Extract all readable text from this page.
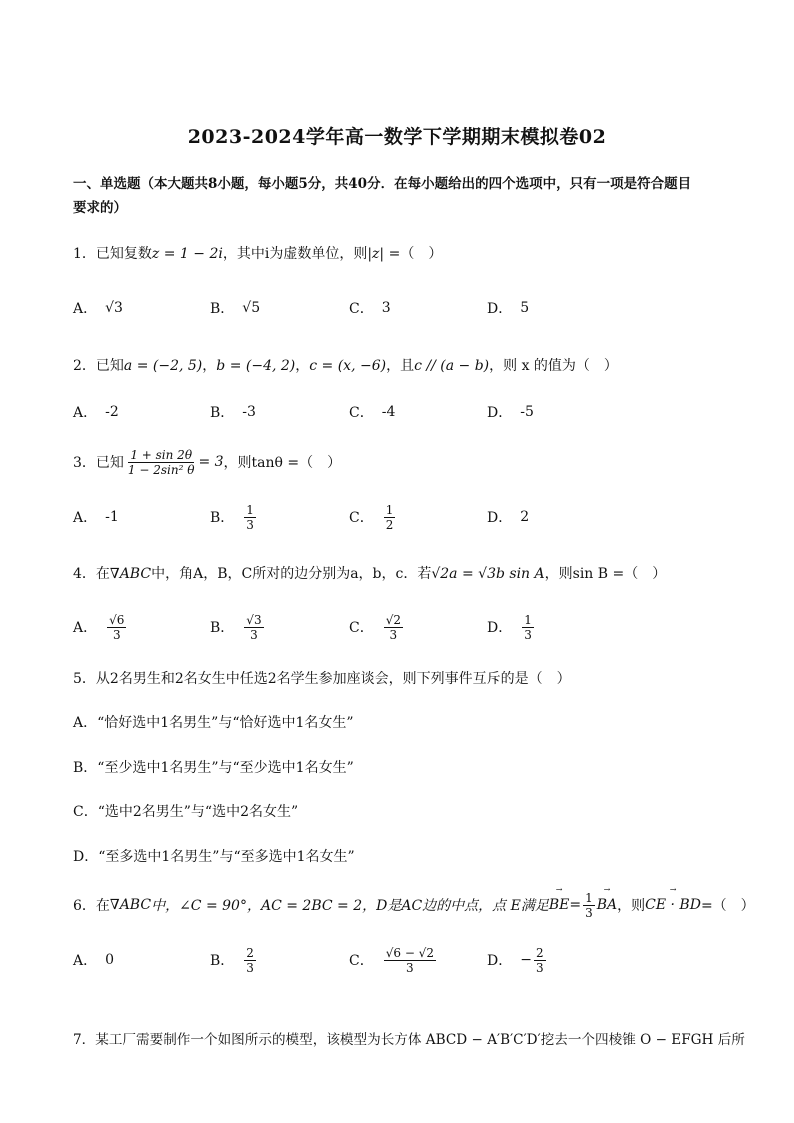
2023-2024学年高一数学下学期期末模拟卷02
一、单选题（本大题共8小题，每小题5分，共40分．在每小题给出的四个选项中，只有一项是符合题目
要求的）
1．已知复数z = 1 − 2i，其中i为虚数单位，则|z| =（　）
A． √3	B． √5	C． 3	D． 5
2．已知a = (−2, 5)，b = (−4, 2)，c = (x, −6)，且c // (a − b)，则 x 的值为（　）
A． -2	B． -3	C． -4	D． -5
3．已知 $\frac{1 + \sin 2\theta}{\text{1 − 2sin² θ}} = 3$ ，则tanθ =（　）
A． -1	B． $\frac{1}{3}$	C． $\frac{1}{2}$	D． 2
4．在∇ABC中，角A，B，C所对的边分别为a，b，c．若√2a = √3b sin A，则sin B =（　）
A． $\frac{√6}{3}$	B． $\frac{√3}{3}$	C． $\frac{√2}{3}$	D． $\frac{1}{3}$
5．从2名男生和2名女生中任选2名学生参加座谈会，则下列事件互斥的是（　）
A．“恰好选中1名男生”与“恰好选中1名女生”
B．“至少选中1名男生”与“至少选中1名女生”
C．“选中2名男生”与“选中2名女生”
D．“至多选中1名男生”与“至多选中1名女生”
6．在 ∇ABC 中，∠C = 90°，AC = 2BC = 2，D是AC边的中点，点 E满足 → BE = $\frac{1}{3}$ → BA ，则 → CE · BD =（　）
A． 0	B． $\frac{2}{3}$	C． $\frac{√6 - √2}{3}$	D． − $\frac{2}{3}$
7．某工厂需要制作一个如图所示的模型，该模型为长方体 ABCD − A′B′C′D′挖去一个四棱锥 O − EFGH 后所
